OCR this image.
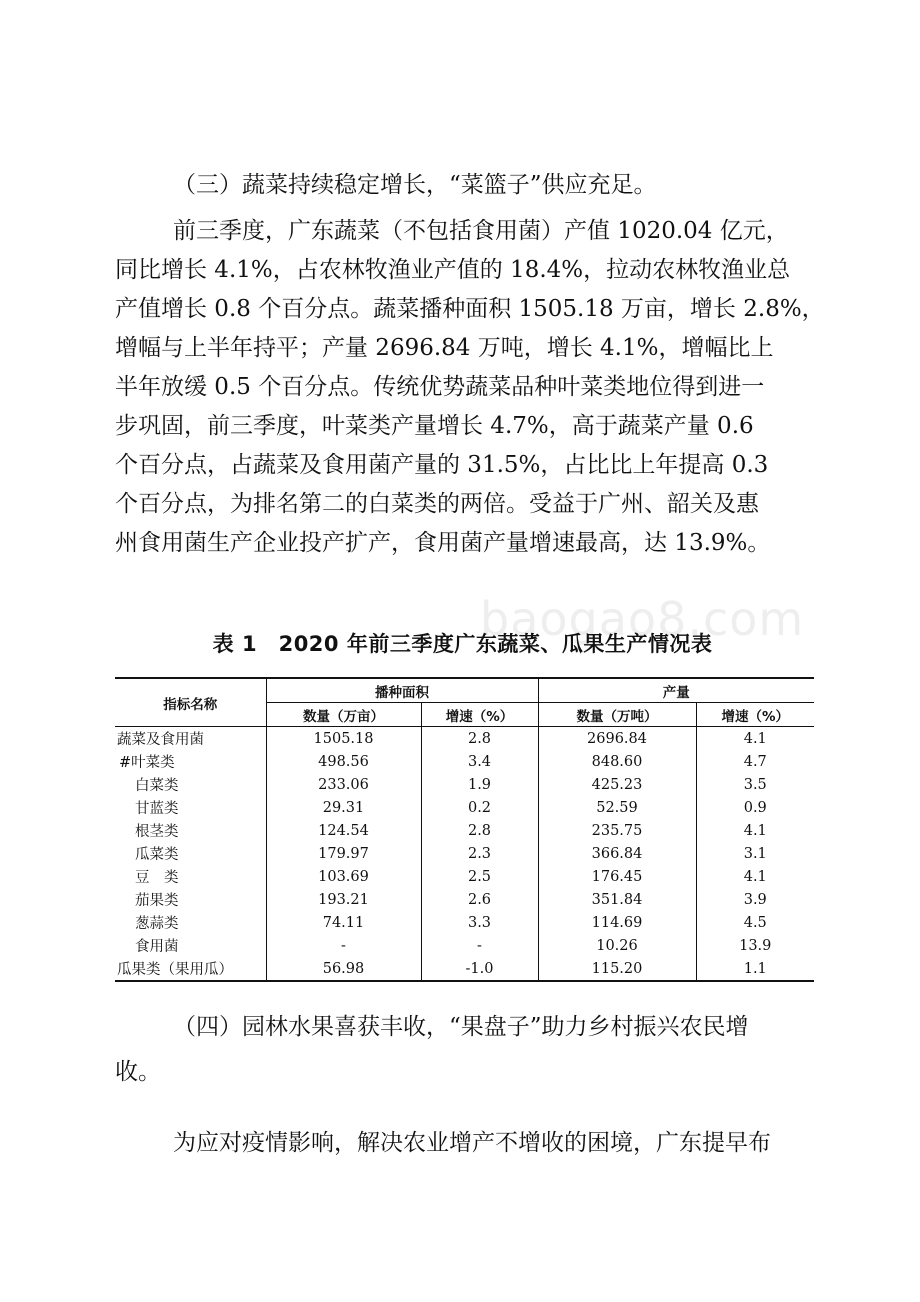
（三）蔬菜持续稳定增长，“菜篮子”供应充足。
前三季度，广东蔬菜（不包括食用菌）产值 1020.04 亿元，
同比增长 4.1%，占农林牧渔业产值的 18.4%，拉动农林牧渔业总
产值增长 0.8 个百分点。蔬菜播种面积 1505.18 万亩，增长 2.8%，
增幅与上半年持平；产量 2696.84 万吨，增长 4.1%，增幅比上
半年放缓 0.5 个百分点。传统优势蔬菜品种叶菜类地位得到进一
步巩固，前三季度，叶菜类产量增长 4.7%，高于蔬菜产量 0.6
个百分点，占蔬菜及食用菌产量的 31.5%，占比比上年提高 0.3
个百分点，为排名第二的白菜类的两倍。受益于广州、韶关及惠
州食用菌生产企业投产扩产，食用菌产量增速最高，达 13.9%。
baogao8.com
表 1　2020 年前三季度广东蔬菜、瓜果生产情况表
指标名称	播种面积		产量	
	数量（万亩）	增速（%）	数量（万吨）	增速（%）
蔬菜及食用菌	1505.18	2.8	2696.84	4.1
#叶菜类	498.56	3.4	848.60	4.7
白菜类	233.06	1.9	425.23	3.5
甘蓝类	29.31	0.2	52.59	0.9
根茎类	124.54	2.8	235.75	4.1
瓜菜类	179.97	2.3	366.84	3.1
豆　类	103.69	2.5	176.45	4.1
茄果类	193.21	2.6	351.84	3.9
葱蒜类	74.11	3.3	114.69	4.5
食用菌	-	-	10.26	13.9
瓜果类（果用瓜）	56.98	-1.0	115.20	1.1
（四）园林水果喜获丰收，“果盘子”助力乡村振兴农民增
收。
为应对疫情影响，解决农业增产不增收的困境，广东提早布
